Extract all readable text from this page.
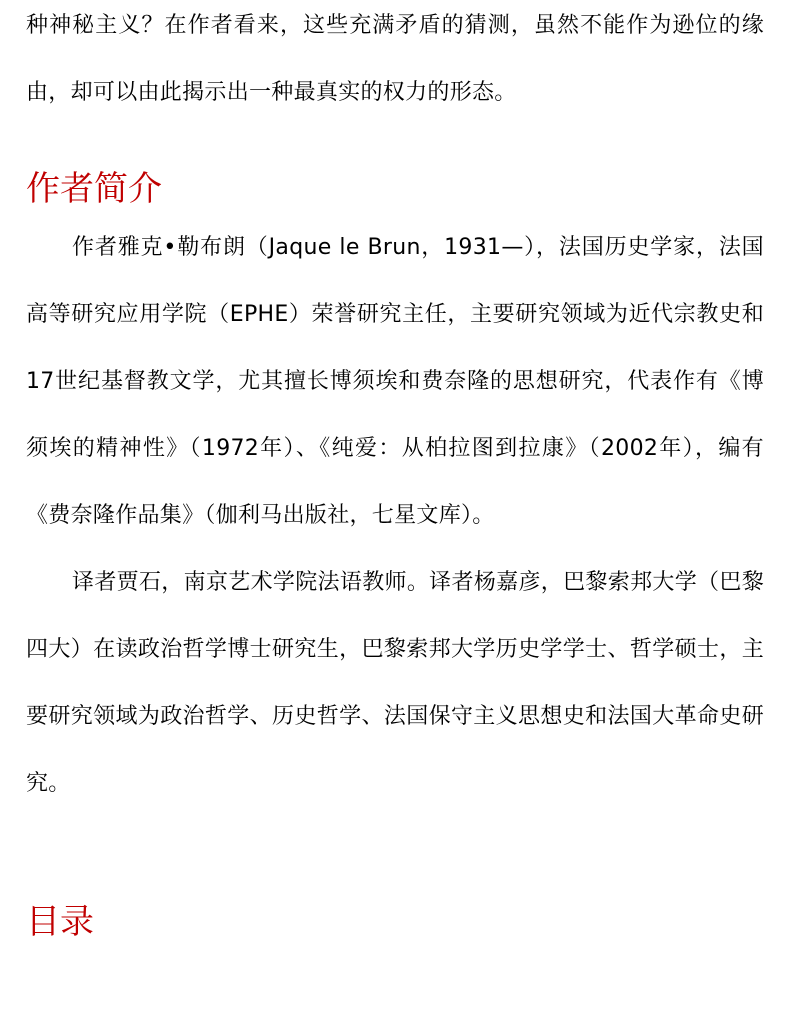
种神秘主义？在作者看来，这些充满矛盾的猜测，虽然不能作为逊位的缘由，却可以由此揭示出一种最真实的权力的形态。

作者简介

作者雅克•勒布朗（Jaque le Brun，1931—），法国历史学家，法国高等研究应用学院（EPHE）荣誉研究主任，主要研究领域为近代宗教史和17世纪基督教文学，尤其擅长博须埃和费奈隆的思想研究，代表作有《博须埃的精神性》（1972年）、《纯爱：从柏拉图到拉康》（2002年），编有《费奈隆作品集》（伽利马出版社，七星文库）。

译者贾石，南京艺术学院法语教师。译者杨嘉彦，巴黎索邦大学（巴黎四大）在读政治哲学博士研究生，巴黎索邦大学历史学学士、哲学硕士，主要研究领域为政治哲学、历史哲学、法国保守主义思想史和法国大革命史研究。

目录
